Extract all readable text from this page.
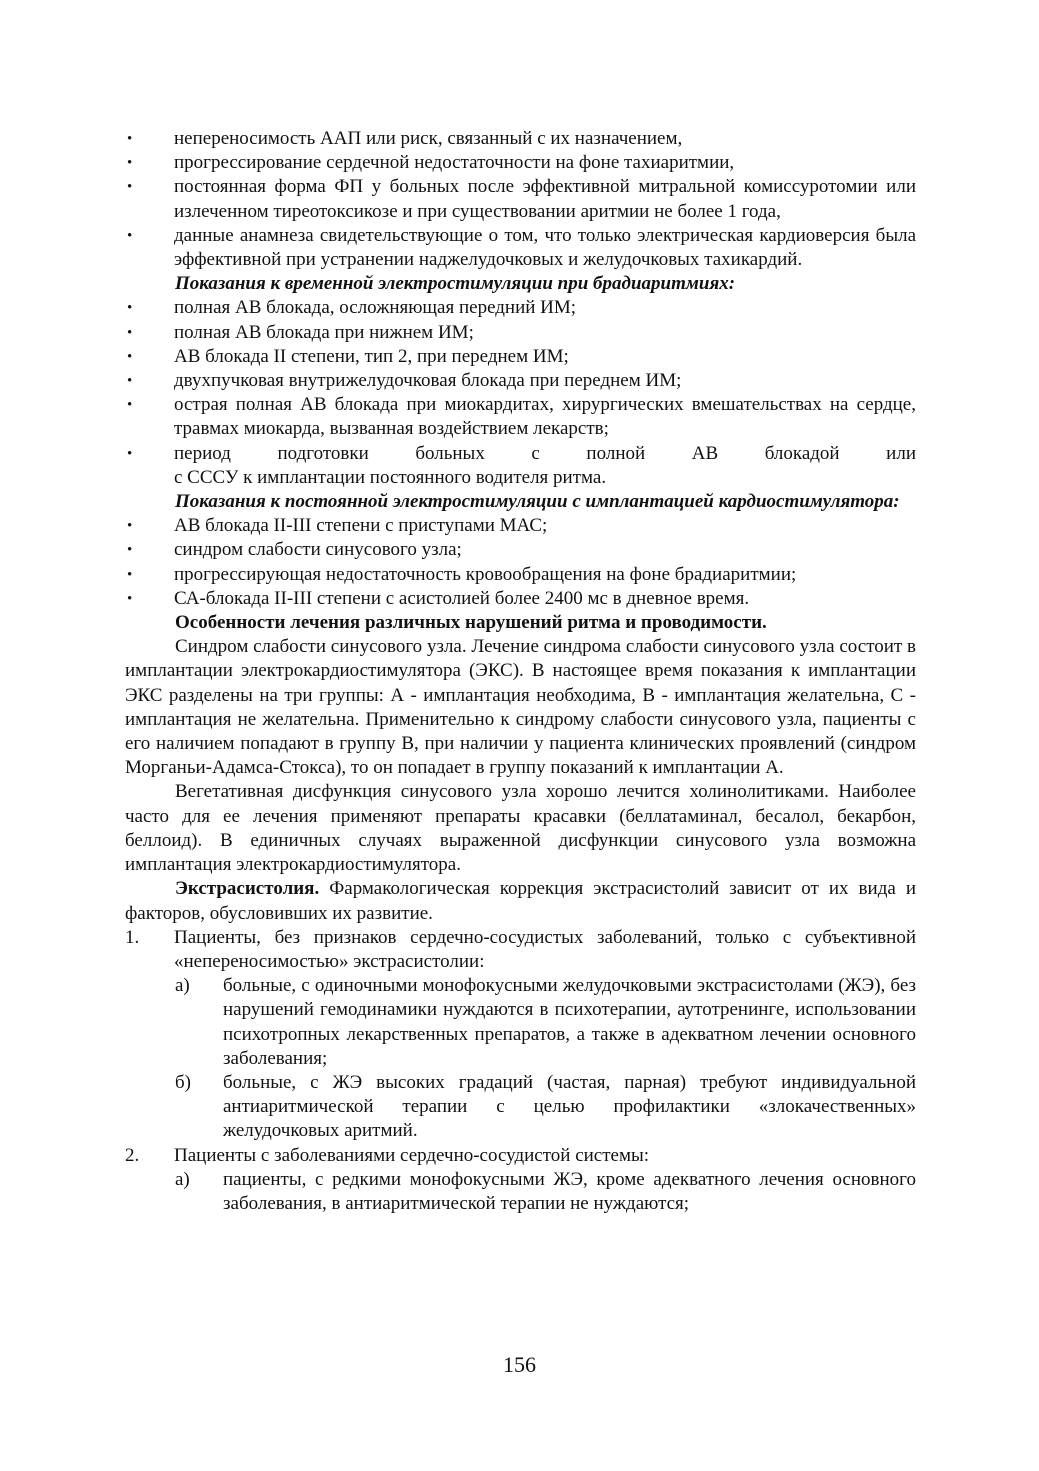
•	непереносимость ААП или риск, связанный с их назначением,
•	прогрессирование сердечной недостаточности на фоне тахиаритмии,
•	постоянная форма ФП у больных после эффективной митральной комиссуротомии или излеченном тиреотоксикозе и при существовании аритмии не более 1 года,
•	данные анамнеза свидетельствующие о том, что только электрическая кардиоверсия была эффективной при устранении наджелудочковых и желудочковых тахикардий.
Показания к временной электростимуляции при брадиаритмиях:
•	полная АВ блокада, осложняющая передний ИМ;
•	полная АВ блокада при нижнем ИМ;
•	АВ блокада II степени, тип 2, при переднем ИМ;
•	двухпучковая внутрижелудочковая блокада при переднем ИМ;
•	острая полная АВ блокада при миокардитах, хирургических вмешательствах на сердце, травмах миокарда, вызванная воздействием лекарств;
•	период подготовки больных с полной АВ блокадой или
с СССУ к имплантации постоянного водителя ритма.
Показания к постоянной электростимуляции с имплантацией кардиостимулятора:
•	АВ блокада II-III степени с приступами МАС;
•	синдром слабости синусового узла;
•	прогрессирующая недостаточность кровообращения на фоне брадиаритмии;
•	СА-блокада II-III степени с асистолией более 2400 мс в дневное время.
Особенности лечения различных нарушений ритма и проводимости.
Синдром слабости синусового узла. Лечение синдрома слабости синусового узла состоит в имплантации электрокардиостимулятора (ЭКС). В настоящее время показания к имплантации ЭКС разделены на три группы: А - имплантация необходима, В - имплантация желательна, С - имплантация не желательна. Применительно к синдрому слабости синусового узла, пациенты с его наличием попадают в группу В, при наличии у пациента клинических проявлений (синдром Морганьи-Адамса-Стокса), то он попадает в группу показаний к имплантации А.
Вегетативная дисфункция синусового узла хорошо лечится холинолитиками. Наиболее часто для ее лечения применяют препараты красавки (беллатаминал, бесалол, бекарбон, беллоид). В единичных случаях выраженной дисфункции синусового узла возможна имплантация электрокардиостимулятора.
Экстрасистолия. Фармакологическая коррекция экстрасистолий зависит от их вида и факторов, обусловивших их развитие.
1.	Пациенты, без признаков сердечно-сосудистых заболеваний, только с субъективной «непереносимостью» экстрасистолии:
а)	больные, с одиночными монофокусными желудочковыми экстрасистолами (ЖЭ), без нарушений гемодинамики нуждаются в психотерапии, аутотренинге, использовании психотропных лекарственных препаратов, а также в адекватном лечении основного заболевания;
б)	больные, с ЖЭ высоких градаций (частая, парная) требуют индивидуальной антиаритмической терапии с целью профилактики «злокачественных» желудочковых аритмий.
2.	Пациенты с заболеваниями сердечно-сосудистой системы:
а)	пациенты, с редкими монофокусными ЖЭ, кроме адекватного лечения основного заболевания, в антиаритмической терапии не нуждаются;
156
